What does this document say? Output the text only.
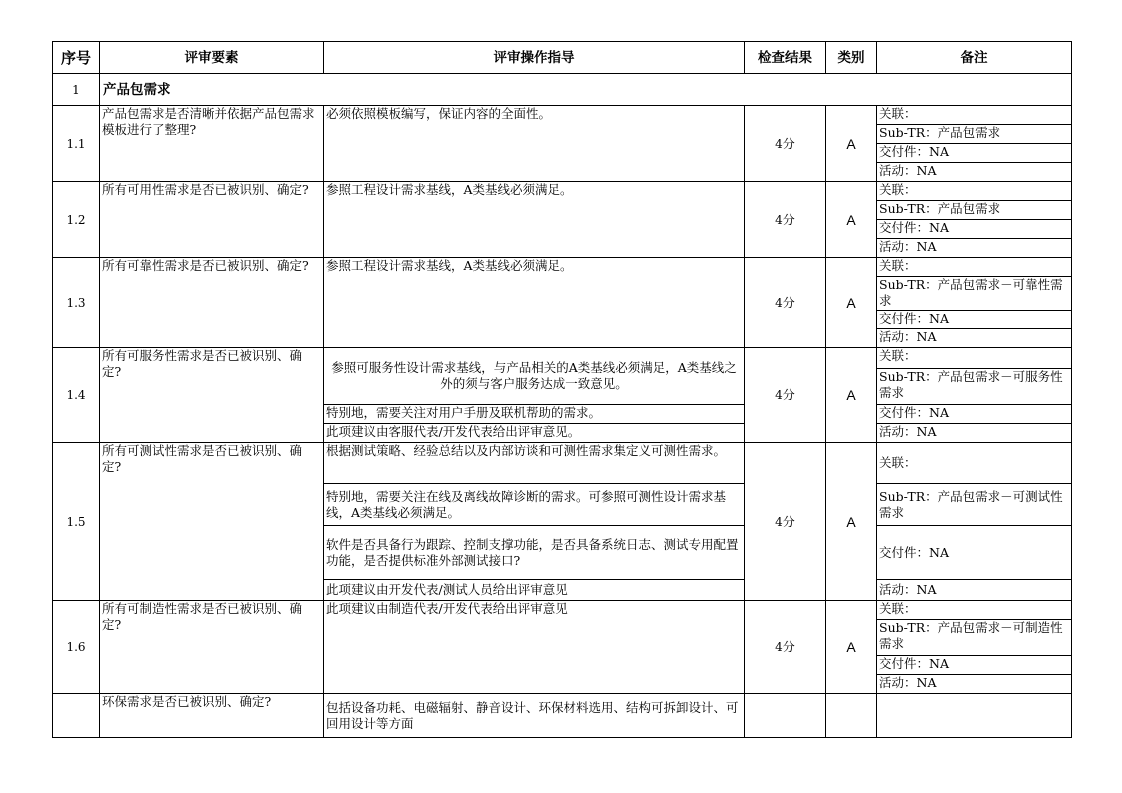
序号	评审要素	评审操作指导	检查结果	类别	备注
1	产品包需求				
1.1	产品包需求是否清晰并依据产品包需求模板进行了整理?	必须依照模板编写，保证内容的全面性。	4分	A	关联：
					Sub-TR：产品包需求
					交付件：NA
					活动：NA
1.2	所有可用性需求是否已被识别、确定?	参照工程设计需求基线，A类基线必须满足。	4分	A	关联：
					Sub-TR：产品包需求
					交付件：NA
					活动：NA
1.3	所有可靠性需求是否已被识别、确定?	参照工程设计需求基线，A类基线必须满足。	4分	A	关联：
					Sub-TR：产品包需求－可靠性需求
					交付件：NA
					活动：NA
1.4	所有可服务性需求是否已被识别、确定?	参照可服务性设计需求基线，与产品相关的A类基线必须满足，A类基线之外的须与客户服务达成一致意见。	4分	A	关联：
					Sub-TR：产品包需求－可服务性需求
		特别地，需要关注对用户手册及联机帮助的需求。			交付件：NA
		此项建议由客服代表/开发代表给出评审意见。			活动：NA
1.5	所有可测试性需求是否已被识别、确定?	根据测试策略、经验总结以及内部访谈和可测性需求集定义可测性需求。	4分	A	关联：
		特别地，需要关注在线及离线故障诊断的需求。可参照可测性设计需求基线，A类基线必须满足。			Sub-TR：产品包需求－可测试性需求
		软件是否具备行为跟踪、控制支撑功能，是否具备系统日志、测试专用配置功能，是否提供标准外部测试接口?			交付件：NA
		此项建议由开发代表/测试人员给出评审意见			活动：NA
1.6	所有可制造性需求是否已被识别、确定?	此项建议由制造代表/开发代表给出评审意见	4分	A	关联：
					Sub-TR：产品包需求－可制造性需求
					交付件：NA
					活动：NA
	环保需求是否已被识别、确定?	包括设备功耗、电磁辐射、静音设计、环保材料选用、结构可拆卸设计、可回用设计等方面			
